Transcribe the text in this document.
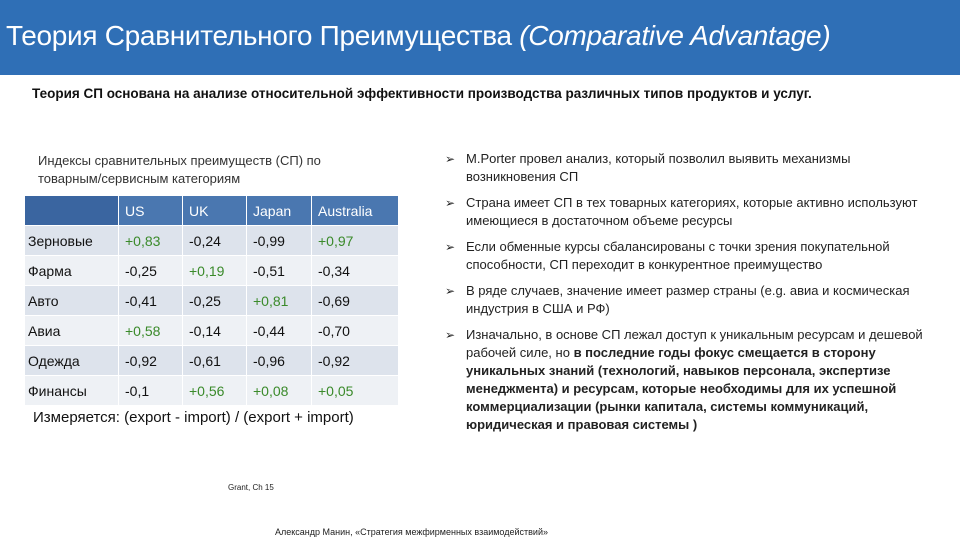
Теория Сравнительного Преимущества (Comparative Advantage)
Теория СП основана на анализе относительной эффективности производства различных типов продуктов и услуг.
Индексы сравнительных преимуществ (СП) по товарным/сервисным категориям
	US	UK	Japan	Australia
Зерновые	+0,83	-0,24	-0,99	+0,97
Фарма	-0,25	+0,19	-0,51	-0,34
Авто	-0,41	-0,25	+0,81	-0,69
Авиа	+0,58	-0,14	-0,44	-0,70
Одежда	-0,92	-0,61	-0,96	-0,92
Финансы	-0,1	+0,56	+0,08	+0,05
Измеряется: (export - import) / (export + import)
➢ M.Porter провел анализ, который позволил выявить механизмы возникновения СП
➢ Страна имеет СП в тех товарных категориях, которые активно используют имеющиеся в достаточном объеме ресурсы
➢ Если обменные курсы сбалансированы с точки зрения покупательной способности, СП переходит в конкурентное преимущество
➢ В ряде случаев, значение имеет размер страны (e.g. авиа и космическая индустрия в США и РФ)
➢ Изначально, в основе СП лежал доступ к уникальным ресурсам и дешевой рабочей силе, но в последние годы фокус смещается в сторону уникальных знаний (технологий, навыков персонала, экспертизе менеджмента) и ресурсам, которые необходимы для их успешной коммерциализации (рынки капитала, системы коммуникаций, юридическая и правовая системы )
Grant, Ch 15
Александр Манин, «Стратегия межфирменных взаимодействий»
